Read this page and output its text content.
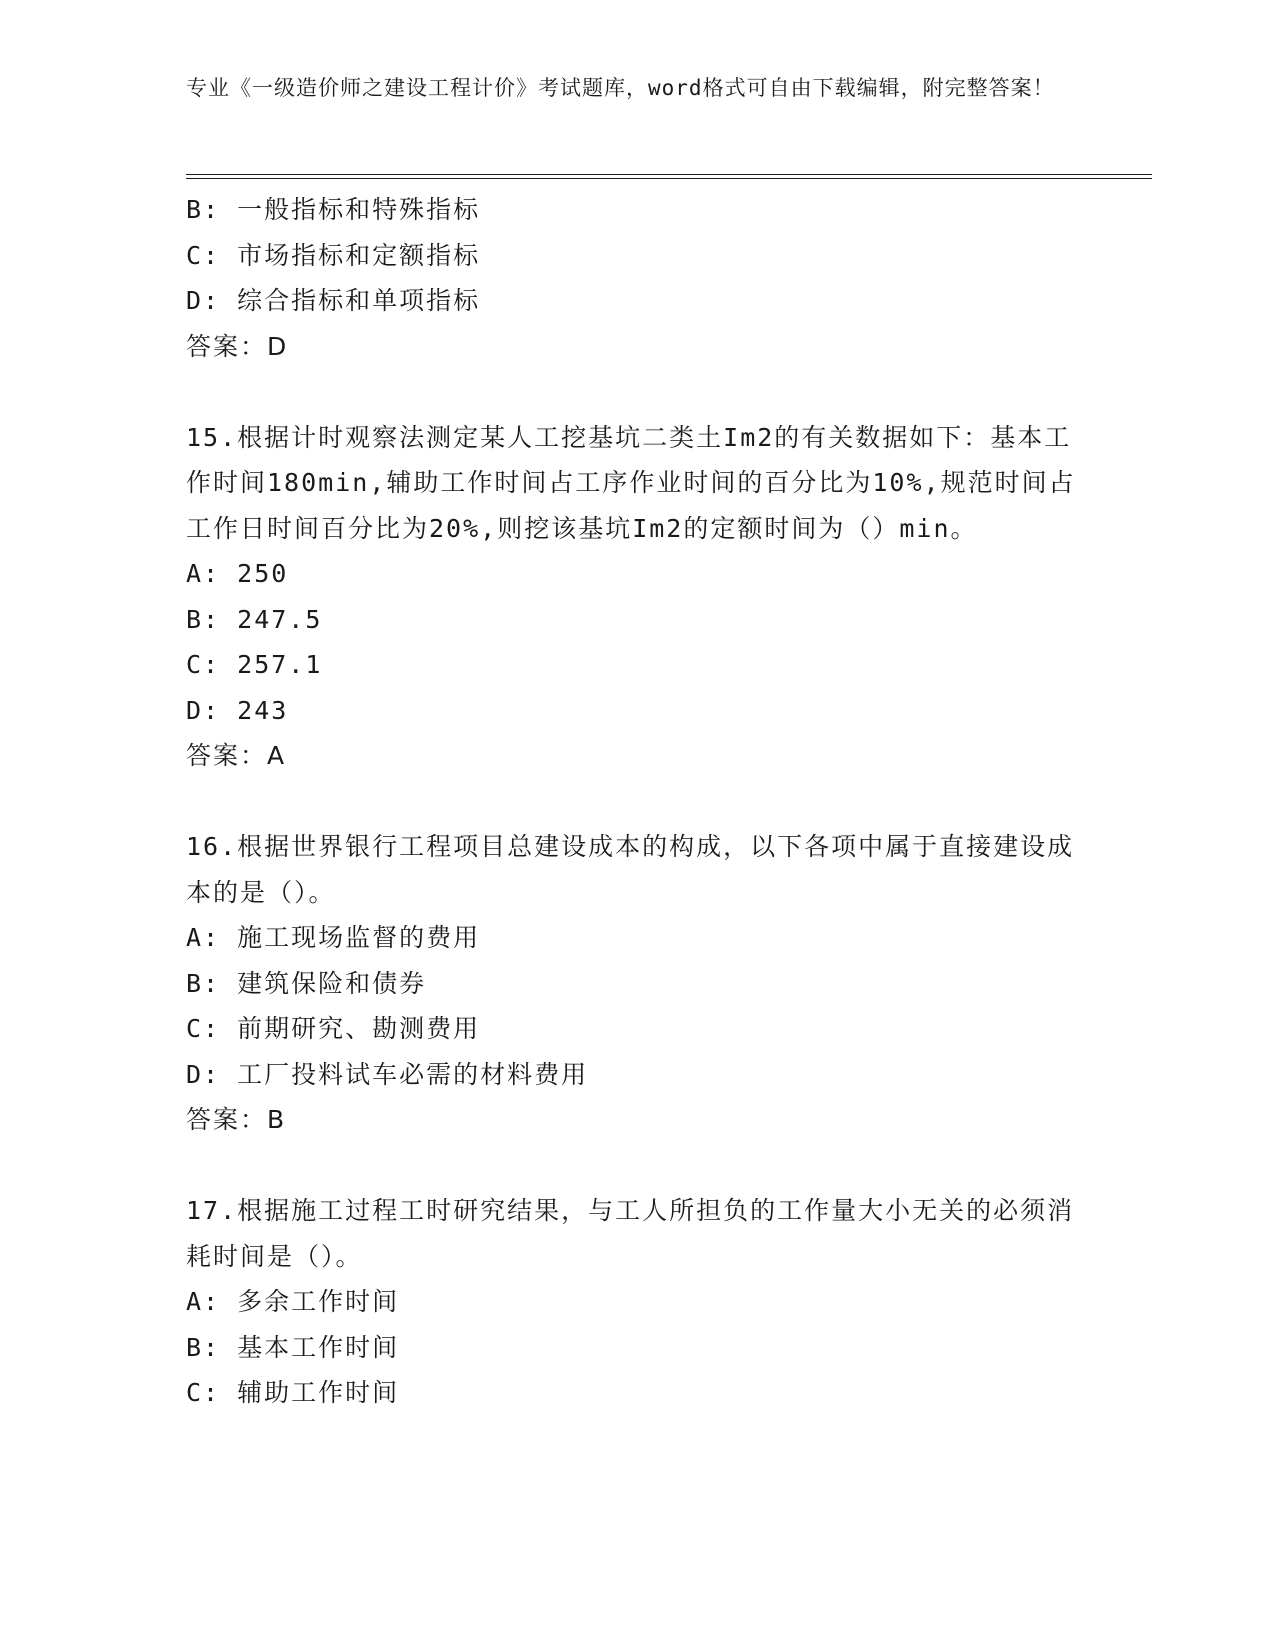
专业《一级造价师之建设工程计价》考试题库，word格式可自由下载编辑，附完整答案！
B: 一般指标和特殊指标
C: 市场指标和定额指标
D: 综合指标和单项指标
答案：D
15.根据计时观察法测定某人工挖基坑二类土Im2的有关数据如下：基本工作时间180min,辅助工作时间占工序作业时间的百分比为10%,规范时间占工作日时间百分比为20%,则挖该基坑Im2的定额时间为（）min。
A: 250
B: 247.5
C: 257.1
D: 243
答案：A
16.根据世界银行工程项目总建设成本的构成，以下各项中属于直接建设成本的是（）。
A: 施工现场监督的费用
B: 建筑保险和债券
C: 前期研究、勘测费用
D: 工厂投料试车必需的材料费用
答案：B
17.根据施工过程工时研究结果，与工人所担负的工作量大小无关的必须消耗时间是（）。
A: 多余工作时间
B: 基本工作时间
C: 辅助工作时间
